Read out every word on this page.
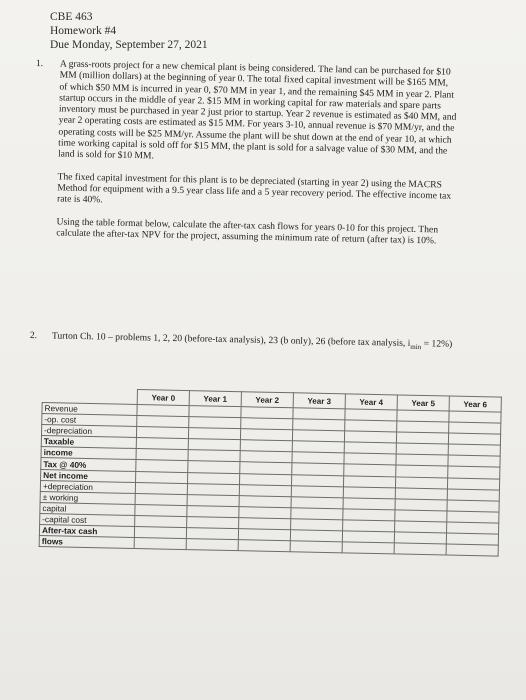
CBE 463
Homework #4
Due Monday, September 27, 2021
1. A grass-roots project for a new chemical plant is being considered. The land can be purchased for $10 MM (million dollars) at the beginning of year 0. The total fixed capital investment will be $165 MM, of which $50 MM is incurred in year 0, $70 MM in year 1, and the remaining $45 MM in year 2. Plant startup occurs in the middle of year 2. $15 MM in working capital for raw materials and spare parts inventory must be purchased in year 2 just prior to startup. Year 2 revenue is estimated as $40 MM, and year 2 operating costs are estimated as $15 MM. For years 3-10, annual revenue is $70 MM/yr, and the operating costs will be $25 MM/yr. Assume the plant will be shut down at the end of year 10, at which time working capital is sold off for $15 MM, the plant is sold for a salvage value of $30 MM, and the land is sold for $10 MM.

The fixed capital investment for this plant is to be depreciated (starting in year 2) using the MACRS Method for equipment with a 9.5 year class life and a 5 year recovery period. The effective income tax rate is 40%.

Using the table format below, calculate the after-tax cash flows for years 0-10 for this project. Then calculate the after-tax NPV for the project, assuming the minimum rate of return (after tax) is 10%.

2. Turton Ch. 10 – problems 1, 2, 20 (before-tax analysis), 23 (b only), 26 (before tax analysis, $i_{min} = 12\%$)
	Year 0	Year 1	Year 2	Year 3	Year 4	Year 5	Year 6
Revenue							
-op. cost							
-depreciation							
Taxable							
income							
Tax @ 40%							
Net income							
+depreciation							
± working							
capital							
-capital cost							
After-tax cash							
flows							
